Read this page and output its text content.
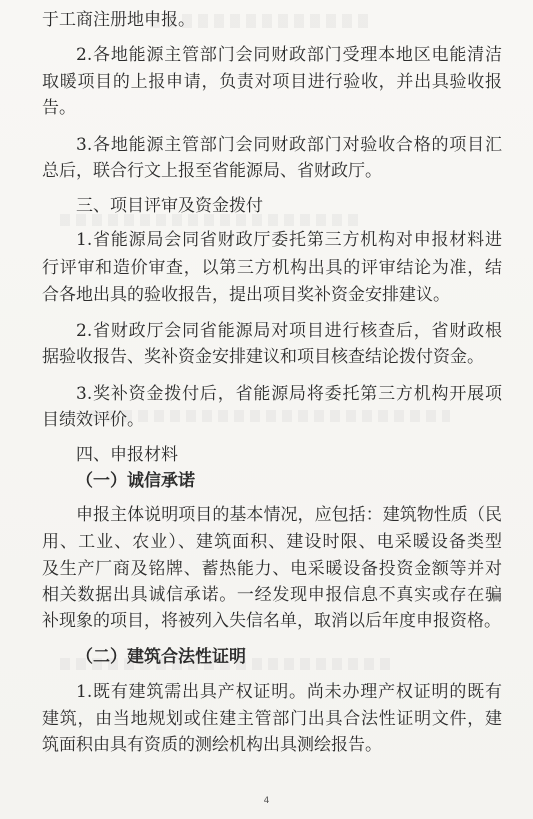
于工商注册地申报。
2.各地能源主管部门会同财政部门受理本地区电能清洁
取暖项目的上报申请，负责对项目进行验收，并出具验收报
告。
3.各地能源主管部门会同财政部门对验收合格的项目汇
总后，联合行文上报至省能源局、省财政厅。
三、项目评审及资金拨付
1.省能源局会同省财政厅委托第三方机构对申报材料进
行评审和造价审查，以第三方机构出具的评审结论为准，结
合各地出具的验收报告，提出项目奖补资金安排建议。
2.省财政厅会同省能源局对项目进行核查后，省财政根
据验收报告、奖补资金安排建议和项目核查结论拨付资金。
3.奖补资金拨付后，省能源局将委托第三方机构开展项
目绩效评价。
四、申报材料
（一）诚信承诺
申报主体说明项目的基本情况，应包括：建筑物性质（民
用、工业、农业）、建筑面积、建设时限、电采暖设备类型
及生产厂商及铭牌、蓄热能力、电采暖设备投资金额等并对
相关数据出具诚信承诺。一经发现申报信息不真实或存在骗
补现象的项目，将被列入失信名单，取消以后年度申报资格。
（二）建筑合法性证明
1.既有建筑需出具产权证明。尚未办理产权证明的既有
建筑，由当地规划或住建主管部门出具合法性证明文件，建
筑面积由具有资质的测绘机构出具测绘报告。
4
